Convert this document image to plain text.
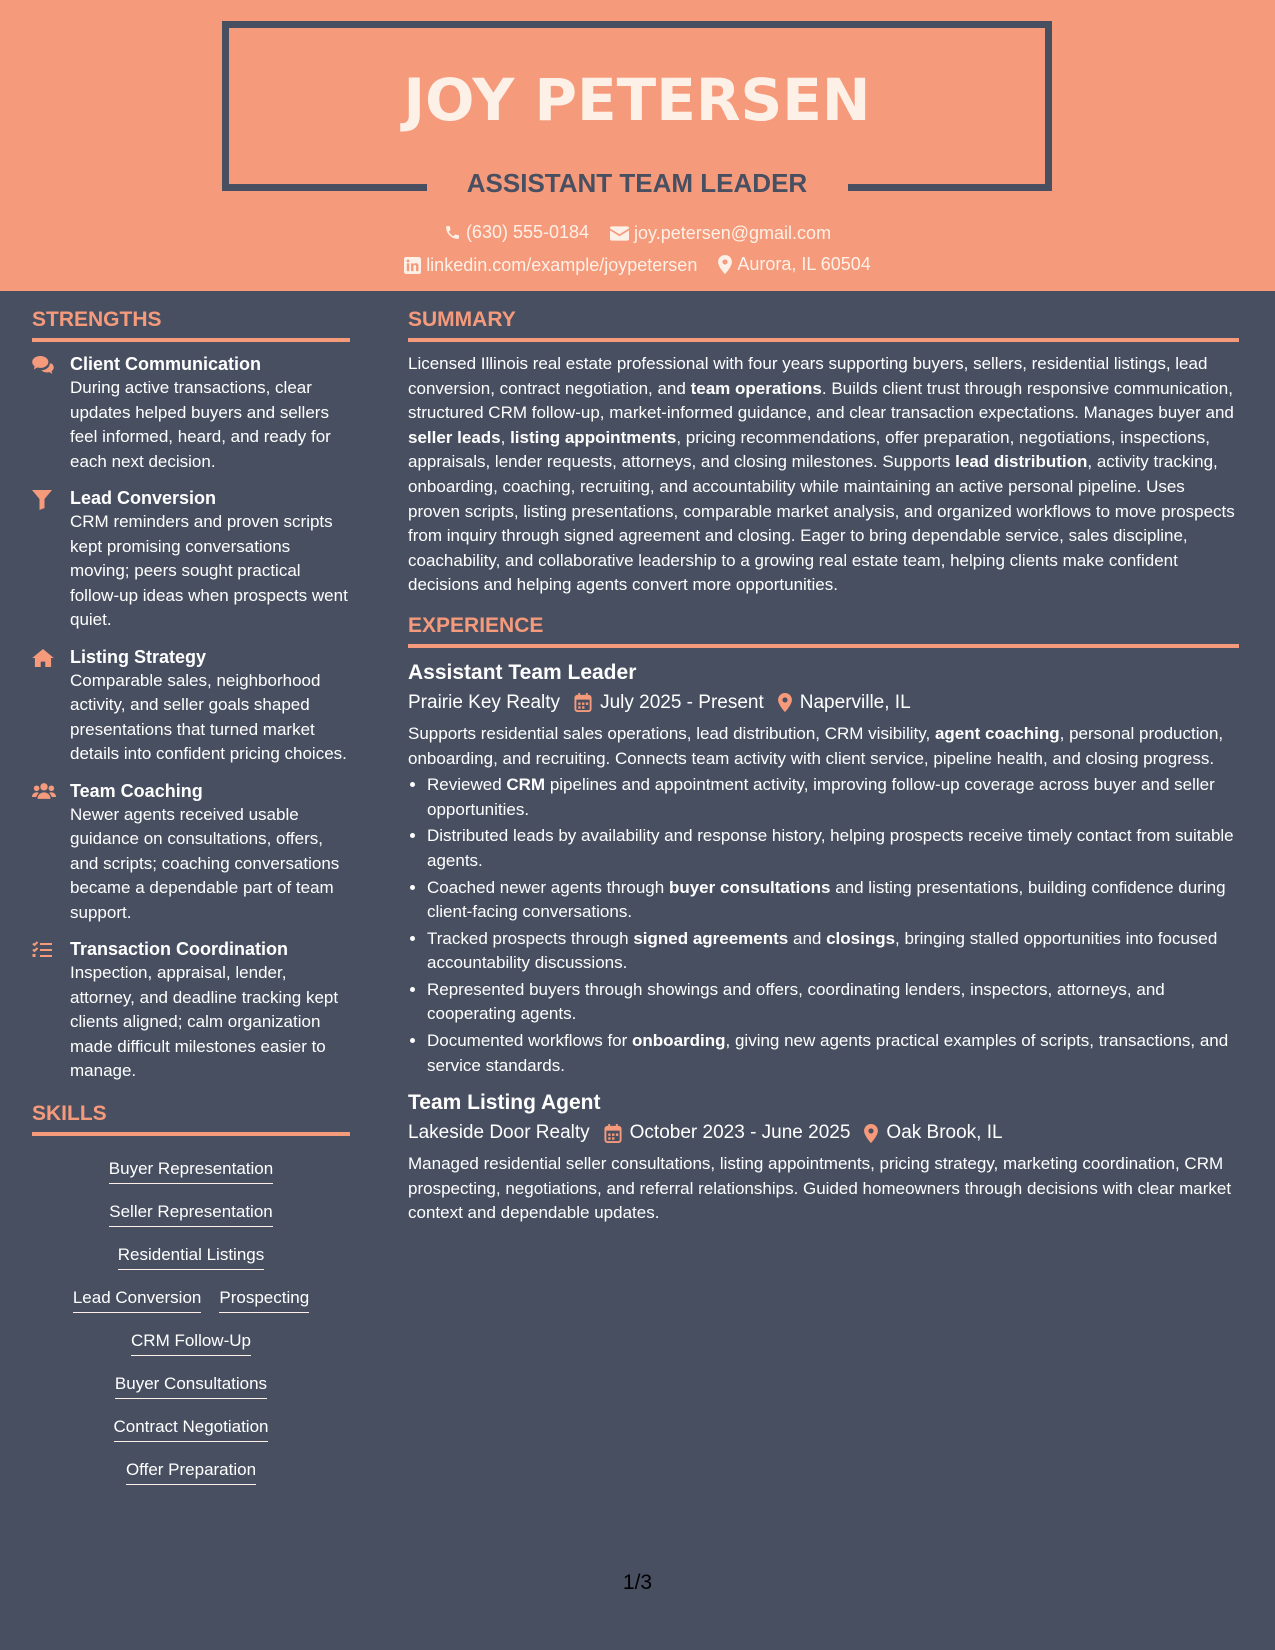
JOY PETERSEN
ASSISTANT TEAM LEADER
(630) 555-0184
	joy.petersen@gmail.com
linkedin.com/example/joypetersen
Aurora, IL 60504
STRENGTHS
Client Communication
During active transactions, clear updates helped buyers and sellers feel informed, heard, and ready for each next decision.
Lead Conversion
CRM reminders and proven scripts kept promising conversations moving; peers sought practical follow-up ideas when prospects went quiet.
Listing Strategy
Comparable sales, neighborhood activity, and seller goals shaped presentations that turned market details into confident pricing choices.
Team Coaching
Newer agents received usable guidance on consultations, offers, and scripts; coaching conversations became a dependable part of team support.
Transaction Coordination
Inspection, appraisal, lender, attorney, and deadline tracking kept clients aligned; calm organization made difficult milestones easier to manage.
SKILLS
Buyer Representation
Seller Representation
Residential Listings
Lead Conversion Prospecting
CRM Follow-Up
Buyer Consultations
Contract Negotiation
Offer Preparation
SUMMARY
Licensed Illinois real estate professional with four years supporting buyers, sellers, residential listings, lead conversion, contract negotiation, and team operations. Builds client trust through responsive communication, structured CRM follow-up, market-informed guidance, and clear transaction expectations. Manages buyer and seller leads, listing appointments, pricing recommendations, offer preparation, negotiations, inspections, appraisals, lender requests, attorneys, and closing milestones. Supports lead distribution, activity tracking, onboarding, coaching, recruiting, and accountability while maintaining an active personal pipeline. Uses proven scripts, listing presentations, comparable market analysis, and organized workflows to move prospects from inquiry through signed agreement and closing. Eager to bring dependable service, sales discipline, coachability, and collaborative leadership to a growing real estate team, helping clients make confident decisions and helping agents convert more opportunities.
EXPERIENCE
Assistant Team Leader
Prairie Key Realty July 2025 - Present Naperville, IL
Supports residential sales operations, lead distribution, CRM visibility, agent coaching, personal production, onboarding, and recruiting. Connects team activity with client service, pipeline health, and closing progress.
• Reviewed CRM pipelines and appointment activity, improving follow-up coverage across buyer and seller opportunities.
• Distributed leads by availability and response history, helping prospects receive timely contact from suitable agents.
• Coached newer agents through buyer consultations and listing presentations, building confidence during client-facing conversations.
• Tracked prospects through signed agreements and closings, bringing stalled opportunities into focused accountability discussions.
• Represented buyers through showings and offers, coordinating lenders, inspectors, attorneys, and cooperating agents.
• Documented workflows for onboarding, giving new agents practical examples of scripts, transactions, and service standards.
Team Listing Agent
Lakeside Door Realty October 2023 - June 2025 Oak Brook, IL
Managed residential seller consultations, listing appointments, pricing strategy, marketing coordination, CRM prospecting, negotiations, and referral relationships. Guided homeowners through decisions with clear market context and dependable updates.
1/3
